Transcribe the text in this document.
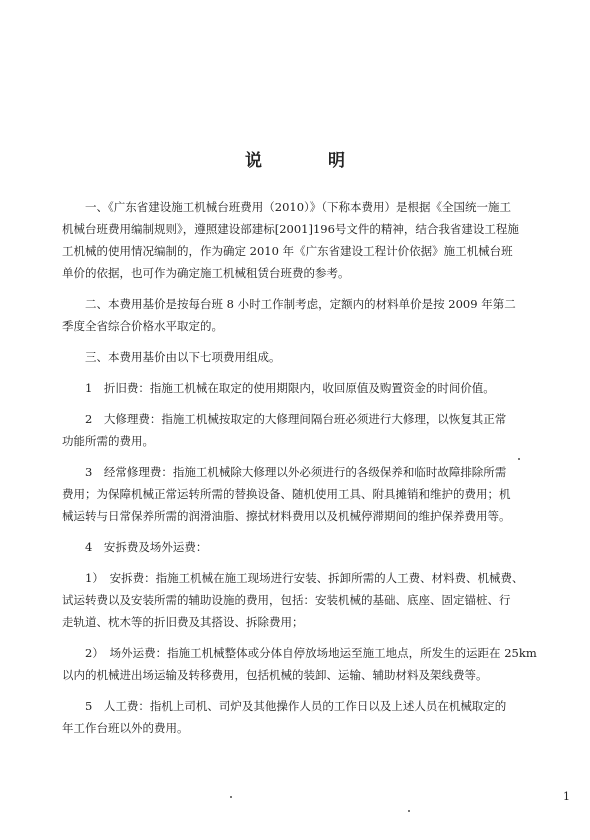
说 明

　　一、《广东省建设施工机械台班费用（2010）》（下称本费用）是根据《全国统一施工
机械台班费用编制规则》，遵照建设部建标[2001]196号文件的精神，结合我省建设工程施
工机械的使用情况编制的，作为确定 2010 年《广东省建设工程计价依据》施工机械台班
单价的依据，也可作为确定施工机械租赁台班费的参考。

　　二、本费用基价是按每台班 8 小时工作制考虑，定额内的材料单价是按 2009 年第二
季度全省综合价格水平取定的。

　　三、本费用基价由以下七项费用组成。

　　1　折旧费：指施工机械在取定的使用期限内，收回原值及购置资金的时间价值。

　　2　大修理费：指施工机械按取定的大修理间隔台班必须进行大修理，以恢复其正常
功能所需的费用。

　　3　经常修理费：指施工机械除大修理以外必须进行的各级保养和临时故障排除所需
费用；为保障机械正常运转所需的替换设备、随机使用工具、附具摊销和维护的费用；机
械运转与日常保养所需的润滑油脂、擦拭材料费用以及机械停滞期间的维护保养费用等。

　　4　安拆费及场外运费：

　　1）　安拆费：指施工机械在施工现场进行安装、拆卸所需的人工费、材料费、机械费、
试运转费以及安装所需的辅助设施的费用，包括：安装机械的基础、底座、固定锚桩、行
走轨道、枕木等的折旧费及其搭设、拆除费用；

　　2）　场外运费：指施工机械整体或分体自停放场地运至施工地点，所发生的运距在 25km
以内的机械进出场运输及转移费用，包括机械的装卸、运输、辅助材料及架线费等。

　　5　人工费：指机上司机、司炉及其他操作人员的工作日以及上述人员在机械取定的
年工作台班以外的费用。

1
